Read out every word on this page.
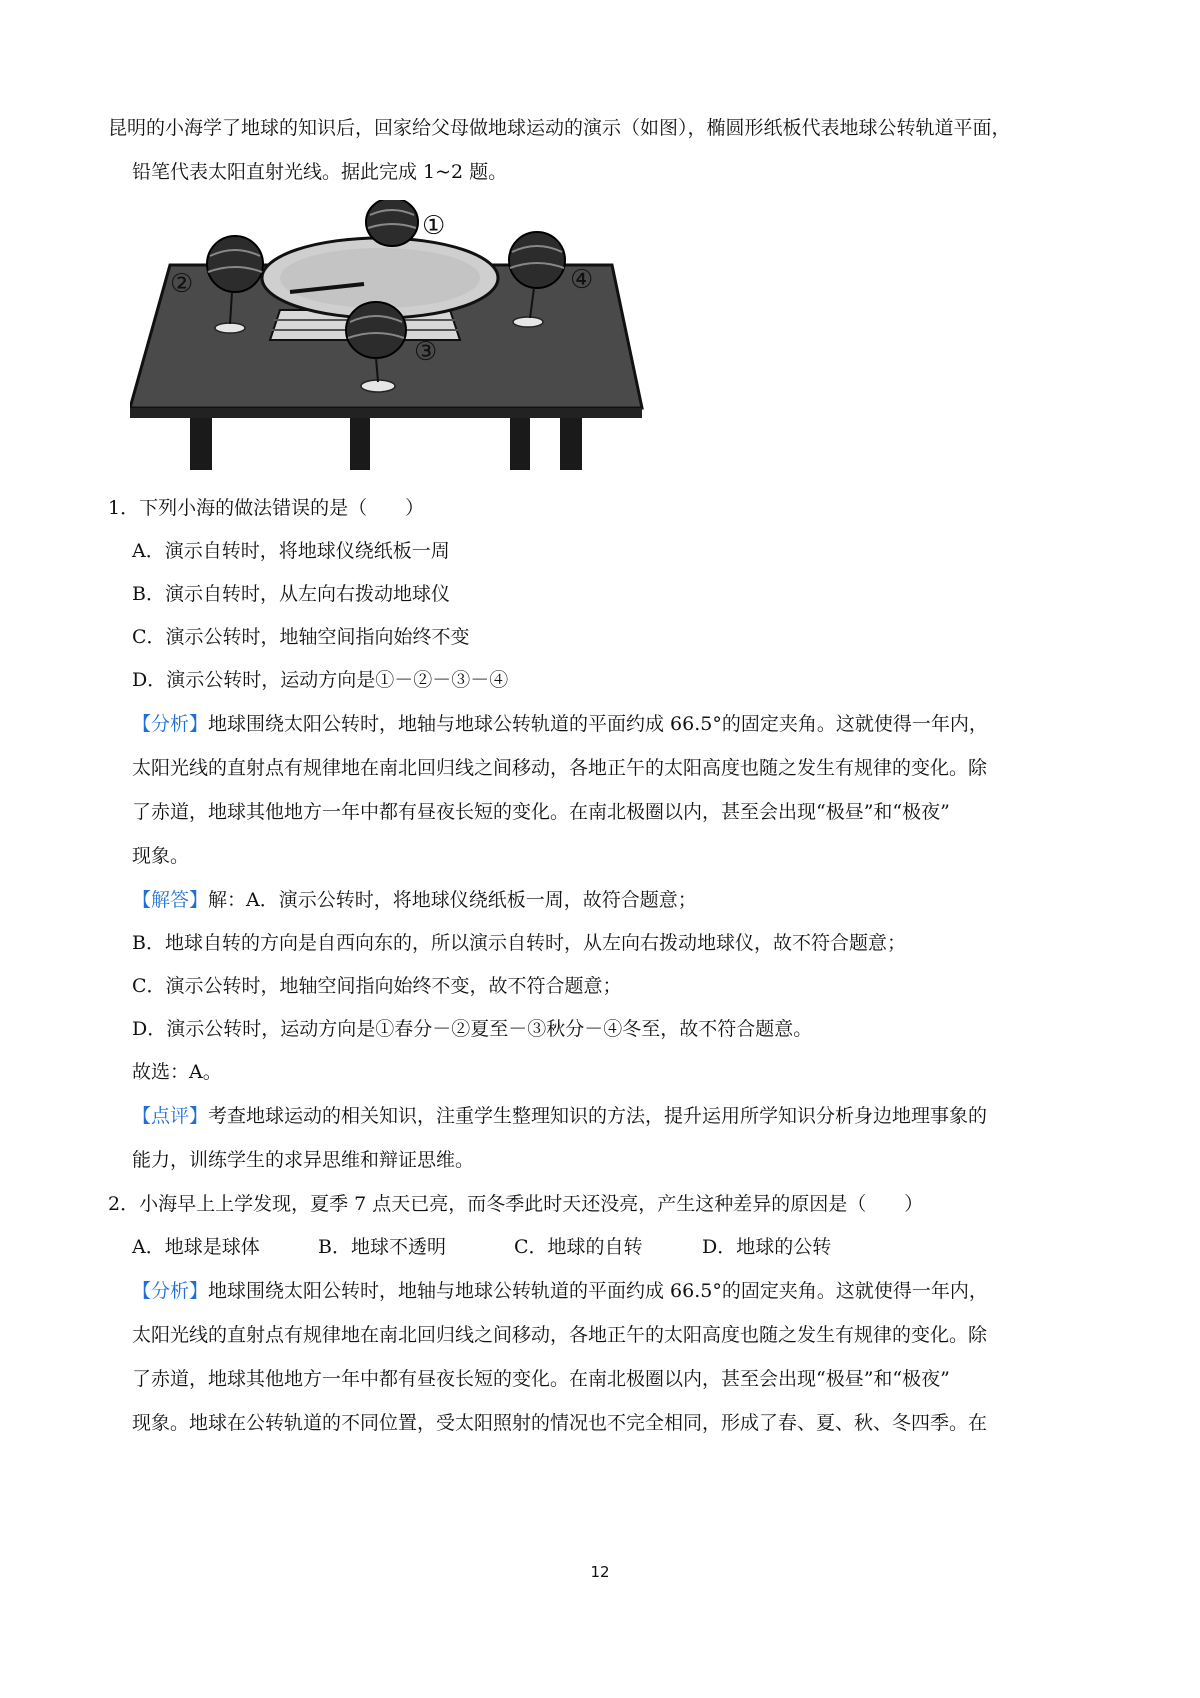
昆明的小海学了地球的知识后，回家给父母做地球运动的演示（如图），椭圆形纸板代表地球公转轨道平面，
铅笔代表太阳直射光线。据此完成 1~2 题。
①
②
③
④
1．下列小海的做法错误的是（　　）
A．演示自转时，将地球仪绕纸板一周
B．演示自转时，从左向右拨动地球仪
C．演示公转时，地轴空间指向始终不变
D．演示公转时，运动方向是①－②－③－④
【分析】地球围绕太阳公转时，地轴与地球公转轨道的平面约成 66.5°的固定夹角。这就使得一年内，
太阳光线的直射点有规律地在南北回归线之间移动，各地正午的太阳高度也随之发生有规律的变化。除
了赤道，地球其他地方一年中都有昼夜长短的变化。在南北极圈以内，甚至会出现“极昼”和“极夜”
现象。
【解答】解：A．演示公转时，将地球仪绕纸板一周，故符合题意；
B．地球自转的方向是自西向东的，所以演示自转时，从左向右拨动地球仪，故不符合题意；
C．演示公转时，地轴空间指向始终不变，故不符合题意；
D．演示公转时，运动方向是①春分－②夏至－③秋分－④冬至，故不符合题意。
故选：A。
【点评】考查地球运动的相关知识，注重学生整理知识的方法，提升运用所学知识分析身边地理事象的
能力，训练学生的求异思维和辩证思维。
2．小海早上上学发现，夏季 7 点天已亮，而冬季此时天还没亮，产生这种差异的原因是（　　）
A．地球是球体	B．地球不透明	C．地球的自转	D．地球的公转
【分析】地球围绕太阳公转时，地轴与地球公转轨道的平面约成 66.5°的固定夹角。这就使得一年内，
太阳光线的直射点有规律地在南北回归线之间移动，各地正午的太阳高度也随之发生有规律的变化。除
了赤道，地球其他地方一年中都有昼夜长短的变化。在南北极圈以内，甚至会出现“极昼”和“极夜”
现象。地球在公转轨道的不同位置，受太阳照射的情况也不完全相同，形成了春、夏、秋、冬四季。在
12
